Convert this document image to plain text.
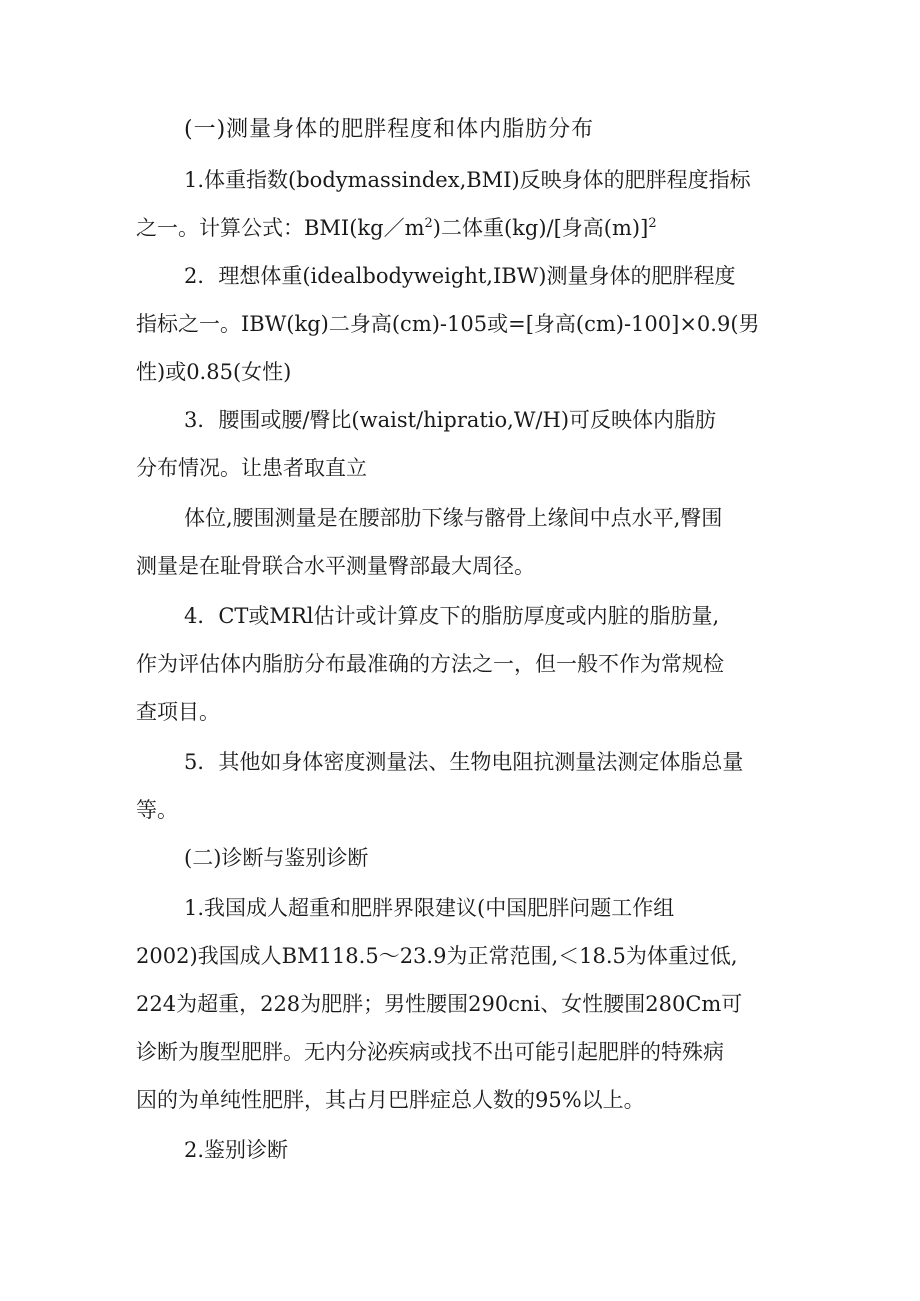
(一)测量身体的肥胖程度和体内脂肪分布
1.体重指数(bodymassindex,BMI)反映身体的肥胖程度指标
之一。计算公式：$BMI(kg/m^2)$二体重(kg)/[身高(m)]$^2$
2．理想体重(idealbodyweight,IBW)测量身体的肥胖程度
指标之一。IBW(kg)二身高(cm)-105或=[身高(cm)-100]×0.9(男
性)或0.85(女性)
3．腰围或腰/臀比(waist/hipratio,W/H)可反映体内脂肪
分布情况。让患者取直立
体位,腰围测量是在腰部肋下缘与髂骨上缘间中点水平,臀围
测量是在耻骨联合水平测量臀部最大周径。
4．CT或MRl估计或计算皮下的脂肪厚度或内脏的脂肪量,
作为评估体内脂肪分布最准确的方法之一，但一般不作为常规检
查项目。
5．其他如身体密度测量法、生物电阻抗测量法测定体脂总量
等。
(二)诊断与鉴别诊断
1.我国成人超重和肥胖界限建议(中国肥胖问题工作组
2002)我国成人BM118.5～23.9为正常范围,＜18.5为体重过低,
224为超重，228为肥胖；男性腰围290cni、女性腰围280Cm可
诊断为腹型肥胖。无内分泌疾病或找不出可能引起肥胖的特殊病
因的为单纯性肥胖，其占月巴胖症总人数的95%以上。
2.鉴别诊断
